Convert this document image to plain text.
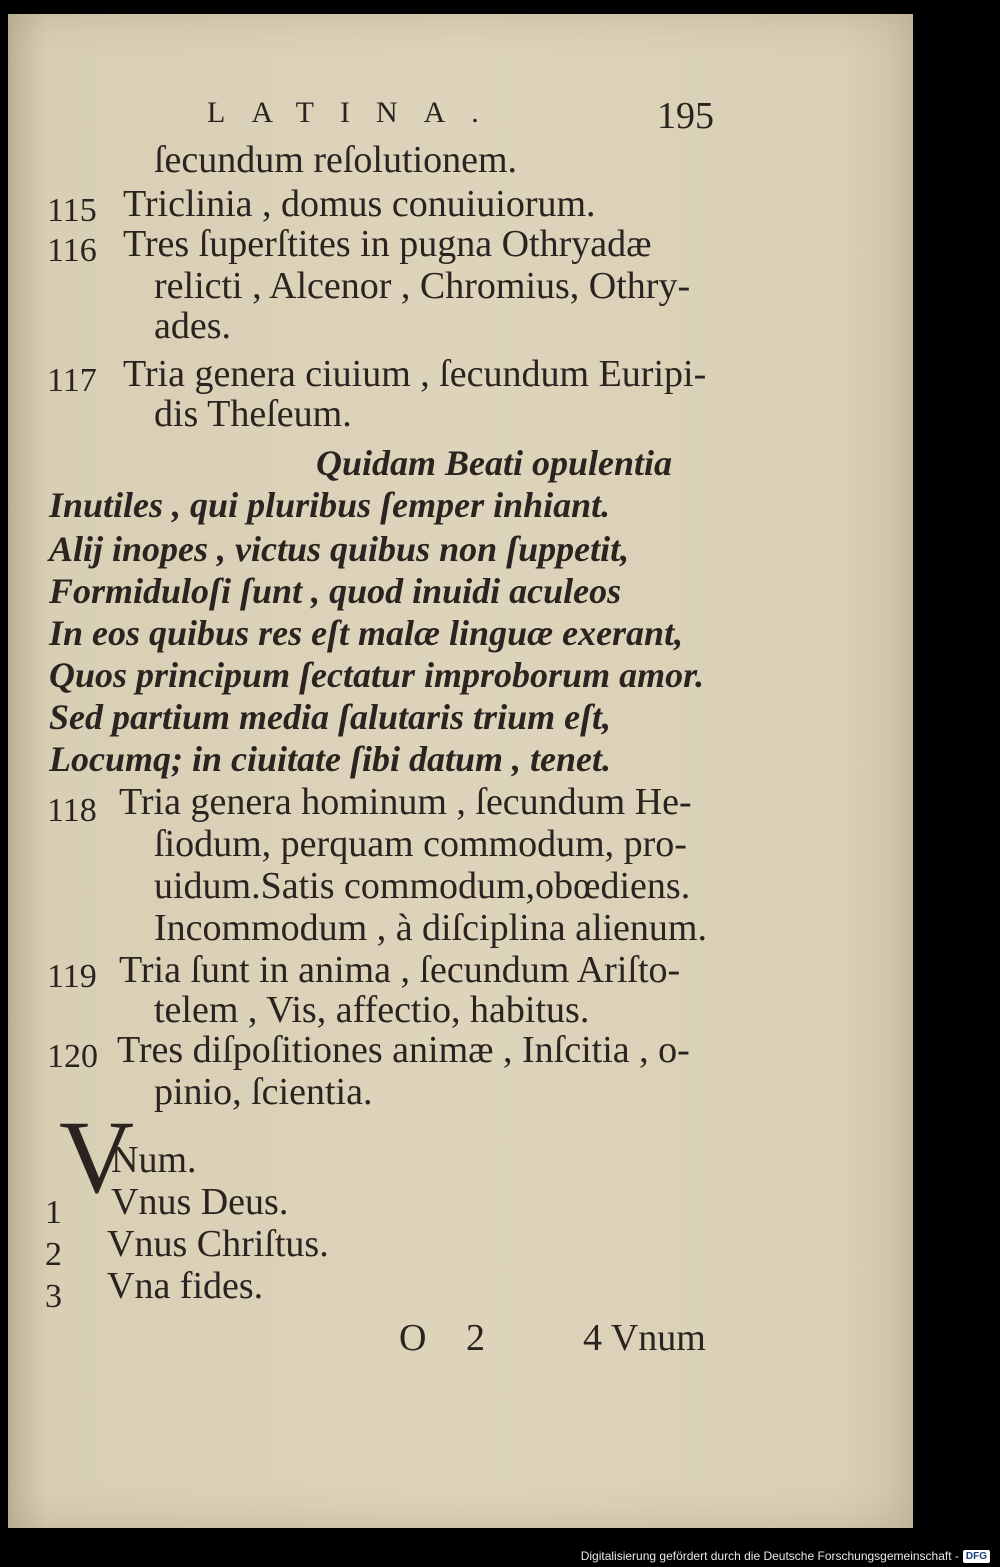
LATINA.	195
ſecundum reſolutionem.
115 Triclinia , domus conuiuiorum.
116 Tres ſuperſtites in pugna Othryadæ
relicti , Alcenor , Chromius, Othry-
ades.
117 Tria genera ciuium , ſecundum Euripi-
dis Theſeum.
Quidam Beati opulentia
Inutiles , qui pluribus ſemper inhiant.
Alij inopes , victus quibus non ſuppetit,
Formiduloſi ſunt , quod inuidi aculeos
In eos quibus res eſt malæ linguæ exerant,
Quos principum ſectatur improborum amor.
Sed partium media ſalutaris trium eſt,
Locumq; in ciuitate ſibi datum , tenet.
118 Tria genera hominum , ſecundum He-
ſiodum, perquam commodum, pro-
uidum.Satis commodum,obœdiens.
Incommodum , à diſciplina alienum.
119 Tria ſunt in anima , ſecundum Ariſto-
telem , Vis, affectio, habitus.
120 Tres diſpoſitiones animæ , Inſcitia , o-
pinio, ſcientia.
V
Num.
1 Vnus Deus.
2 Vnus Chriſtus.
3 Vna fides.
O 2	4 Vnum
Digitalisierung gefördert durch die Deutsche Forschungsgemeinschaft - DFG
